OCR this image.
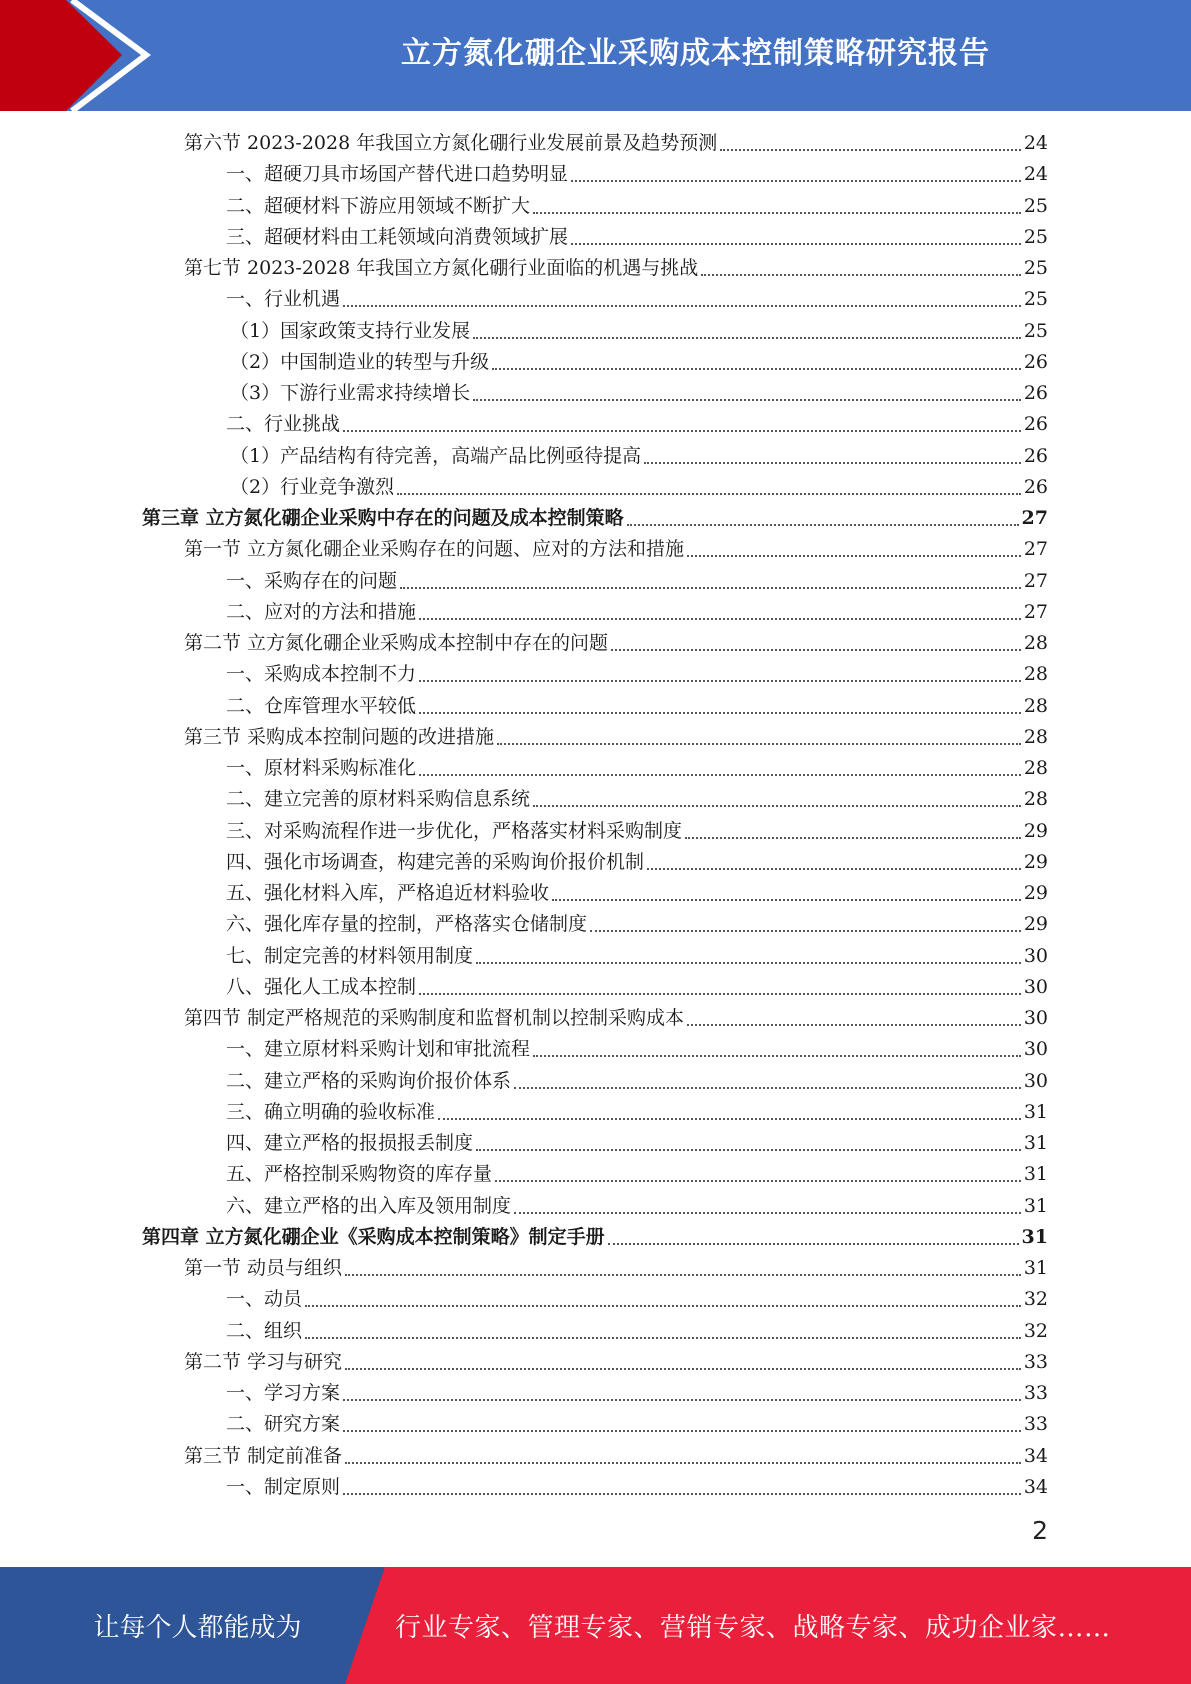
立方氮化硼企业采购成本控制策略研究报告
第六节 2023-2028 年我国立方氮化硼行业发展前景及趋势预测	24
一、超硬刀具市场国产替代进口趋势明显	24
二、超硬材料下游应用领域不断扩大	25
三、超硬材料由工耗领域向消费领域扩展	25
第七节 2023-2028 年我国立方氮化硼行业面临的机遇与挑战	25
一、行业机遇	25
（1）国家政策支持行业发展	25
（2）中国制造业的转型与升级	26
（3）下游行业需求持续增长	26
二、行业挑战	26
（1）产品结构有待完善，高端产品比例亟待提高	26
（2）行业竞争激烈	26
第三章 立方氮化硼企业采购中存在的问题及成本控制策略	27
第一节 立方氮化硼企业采购存在的问题、应对的方法和措施	27
一、采购存在的问题	27
二、应对的方法和措施	27
第二节 立方氮化硼企业采购成本控制中存在的问题	28
一、采购成本控制不力	28
二、仓库管理水平较低	28
第三节 采购成本控制问题的改进措施	28
一、原材料采购标准化	28
二、建立完善的原材料采购信息系统	28
三、对采购流程作进一步优化，严格落实材料采购制度	29
四、强化市场调查，构建完善的采购询价报价机制	29
五、强化材料入库，严格追近材料验收	29
六、强化库存量的控制，严格落实仓储制度	29
七、制定完善的材料领用制度	30
八、强化人工成本控制	30
第四节 制定严格规范的采购制度和监督机制以控制采购成本	30
一、建立原材料采购计划和审批流程	30
二、建立严格的采购询价报价体系	30
三、确立明确的验收标准	31
四、建立严格的报损报丢制度	31
五、严格控制采购物资的库存量	31
六、建立严格的出入库及领用制度	31
第四章 立方氮化硼企业《采购成本控制策略》制定手册	31
第一节 动员与组织	31
一、动员	32
二、组织	32
第二节 学习与研究	33
一、学习方案	33
二、研究方案	33
第三节 制定前准备	34
一、制定原则	34
2
让每个人都能成为	行业专家、管理专家、营销专家、战略专家、成功企业家……
